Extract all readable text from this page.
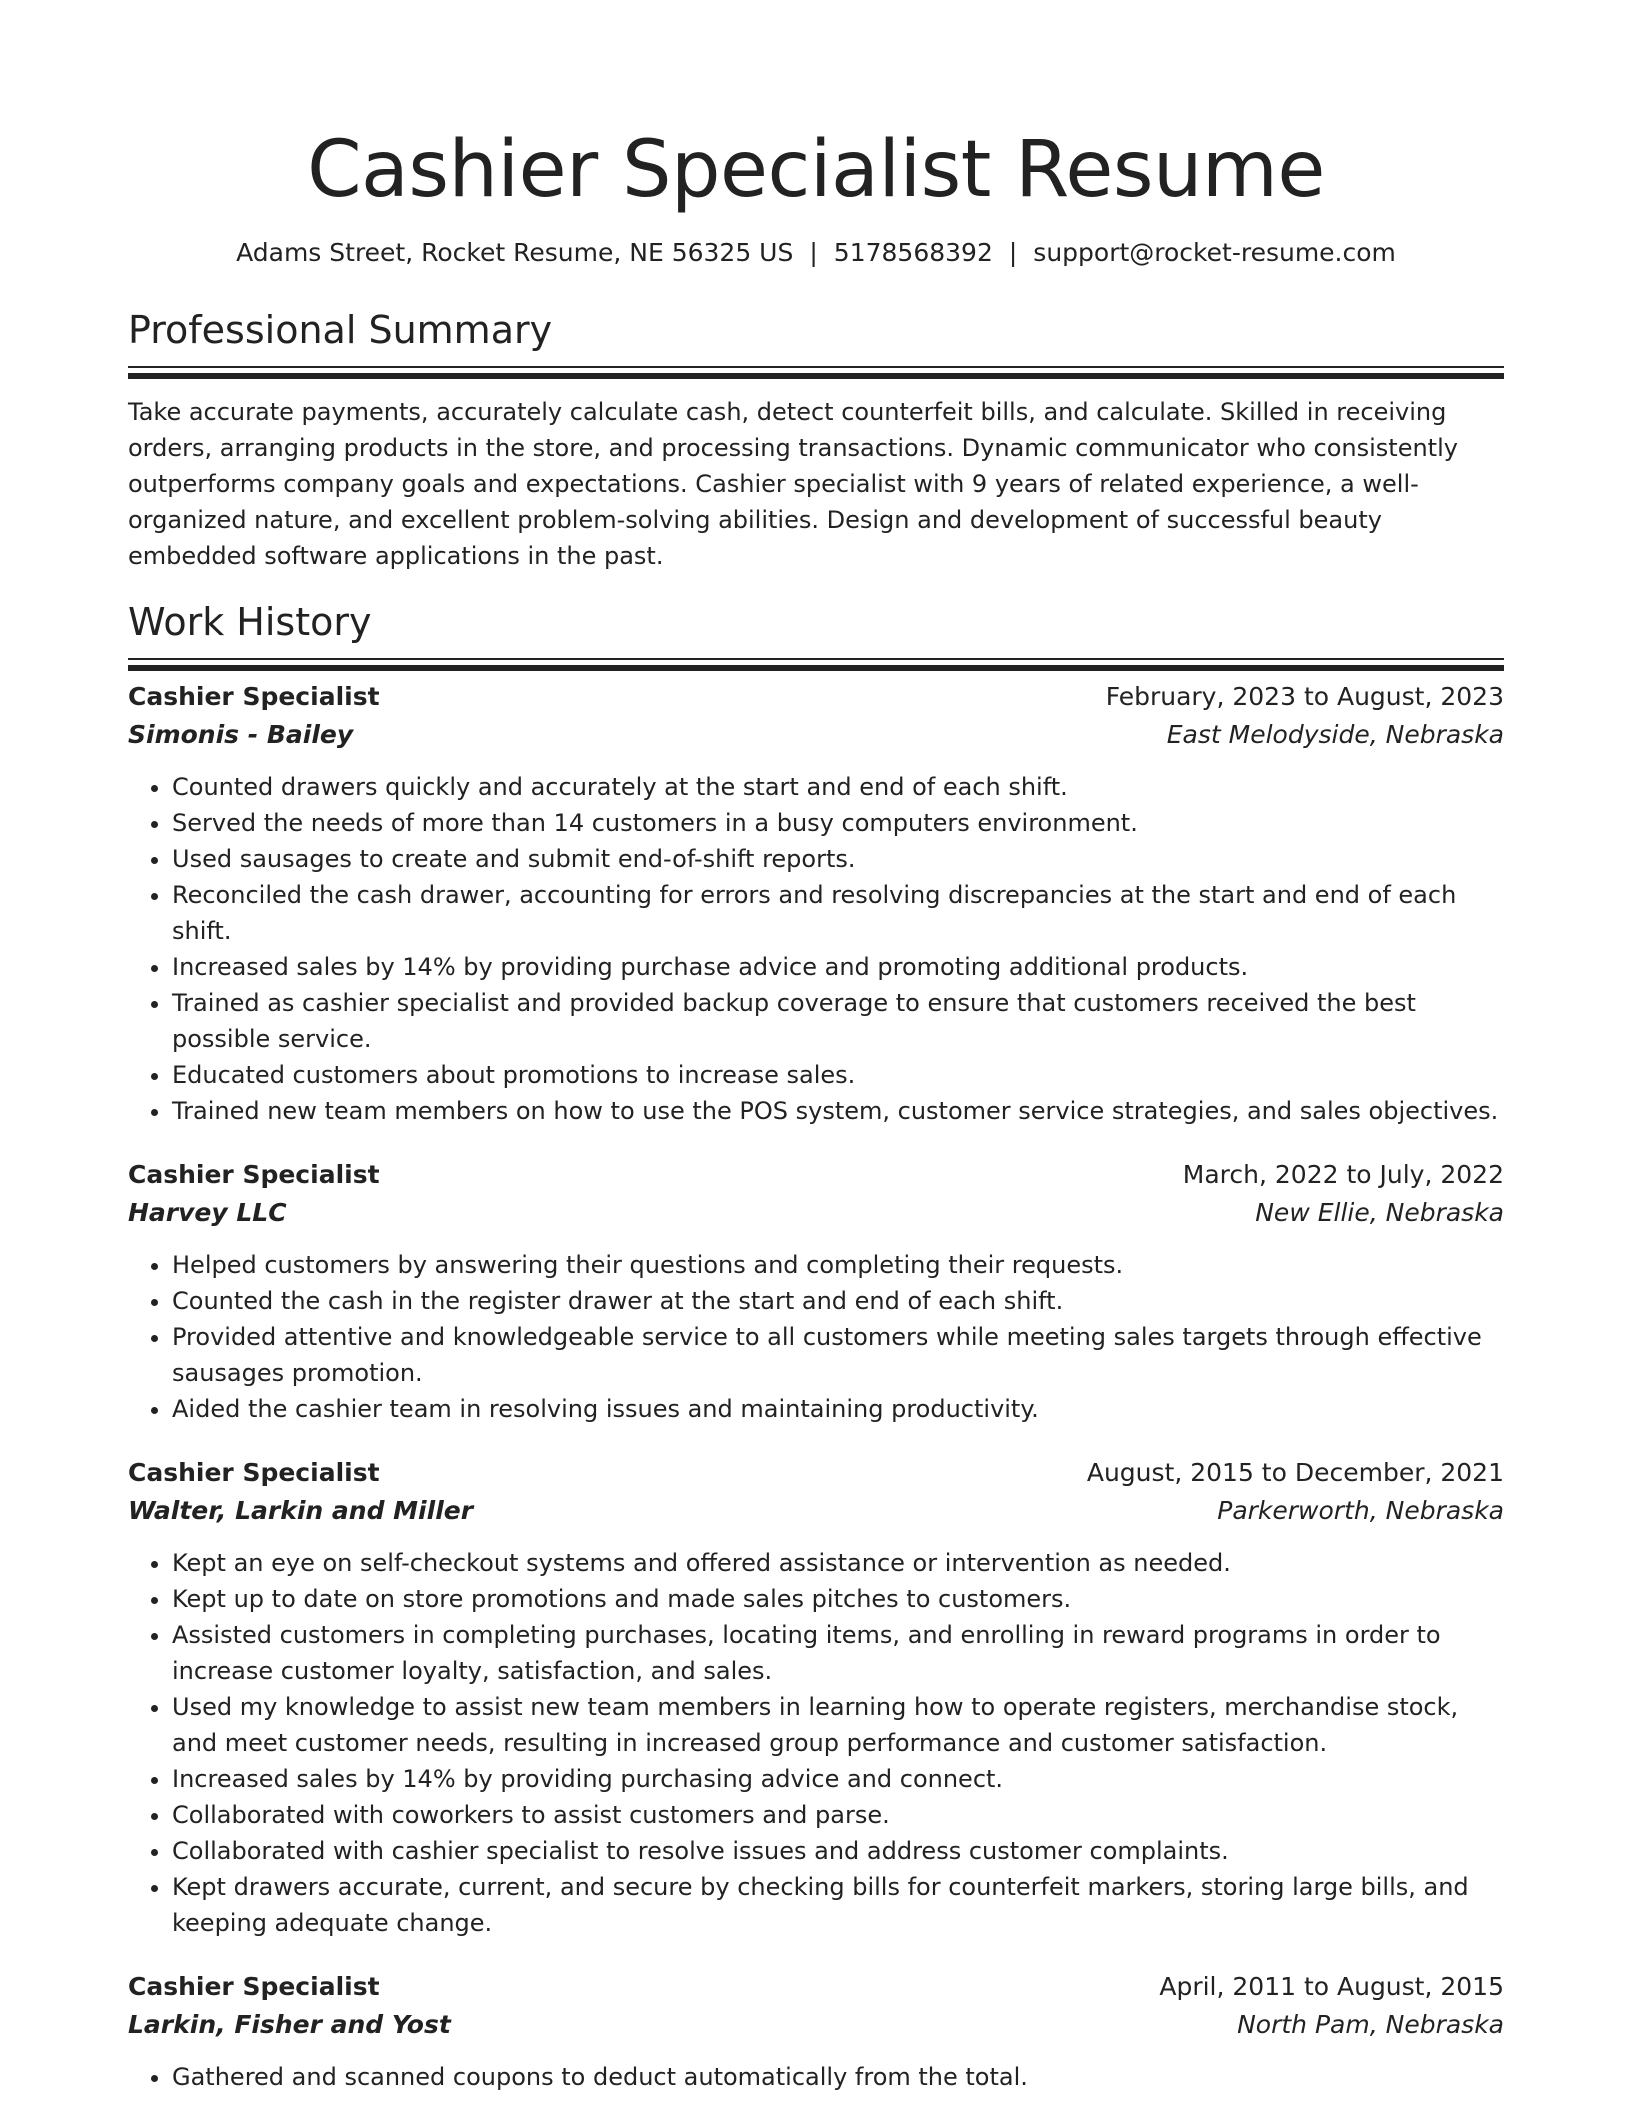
Cashier Specialist Resume
Adams Street, Rocket Resume, NE 56325 US | 5178568392 | support@rocket-resume.com
Professional Summary

Take accurate payments, accurately calculate cash, detect counterfeit bills, and calculate. Skilled in receiving orders, arranging products in the store, and processing transactions. Dynamic communicator who consistently outperforms company goals and expectations. Cashier specialist with 9 years of related experience, a well-organized nature, and excellent problem-solving abilities. Design and development of successful beauty embedded software applications in the past.

Work History
Cashier Specialist	February, 2023 to August, 2023
Simonis - Bailey	East Melodyside, Nebraska
• Counted drawers quickly and accurately at the start and end of each shift.
• Served the needs of more than 14 customers in a busy computers environment.
• Used sausages to create and submit end-of-shift reports.
• Reconciled the cash drawer, accounting for errors and resolving discrepancies at the start and end of each shift.
• Increased sales by 14% by providing purchase advice and promoting additional products.
• Trained as cashier specialist and provided backup coverage to ensure that customers received the best possible service.
• Educated customers about promotions to increase sales.
• Trained new team members on how to use the POS system, customer service strategies, and sales objectives.
Cashier Specialist	March, 2022 to July, 2022
Harvey LLC	New Ellie, Nebraska
• Helped customers by answering their questions and completing their requests.
• Counted the cash in the register drawer at the start and end of each shift.
• Provided attentive and knowledgeable service to all customers while meeting sales targets through effective sausages promotion.
• Aided the cashier team in resolving issues and maintaining productivity.
Cashier Specialist	August, 2015 to December, 2021
Walter, Larkin and Miller	Parkerworth, Nebraska
• Kept an eye on self-checkout systems and offered assistance or intervention as needed.
• Kept up to date on store promotions and made sales pitches to customers.
• Assisted customers in completing purchases, locating items, and enrolling in reward programs in order to increase customer loyalty, satisfaction, and sales.
• Used my knowledge to assist new team members in learning how to operate registers, merchandise stock, and meet customer needs, resulting in increased group performance and customer satisfaction.
• Increased sales by 14% by providing purchasing advice and connect.
• Collaborated with coworkers to assist customers and parse.
• Collaborated with cashier specialist to resolve issues and address customer complaints.
• Kept drawers accurate, current, and secure by checking bills for counterfeit markers, storing large bills, and keeping adequate change.
Cashier Specialist	April, 2011 to August, 2015
Larkin, Fisher and Yost	North Pam, Nebraska
• Gathered and scanned coupons to deduct automatically from the total.
